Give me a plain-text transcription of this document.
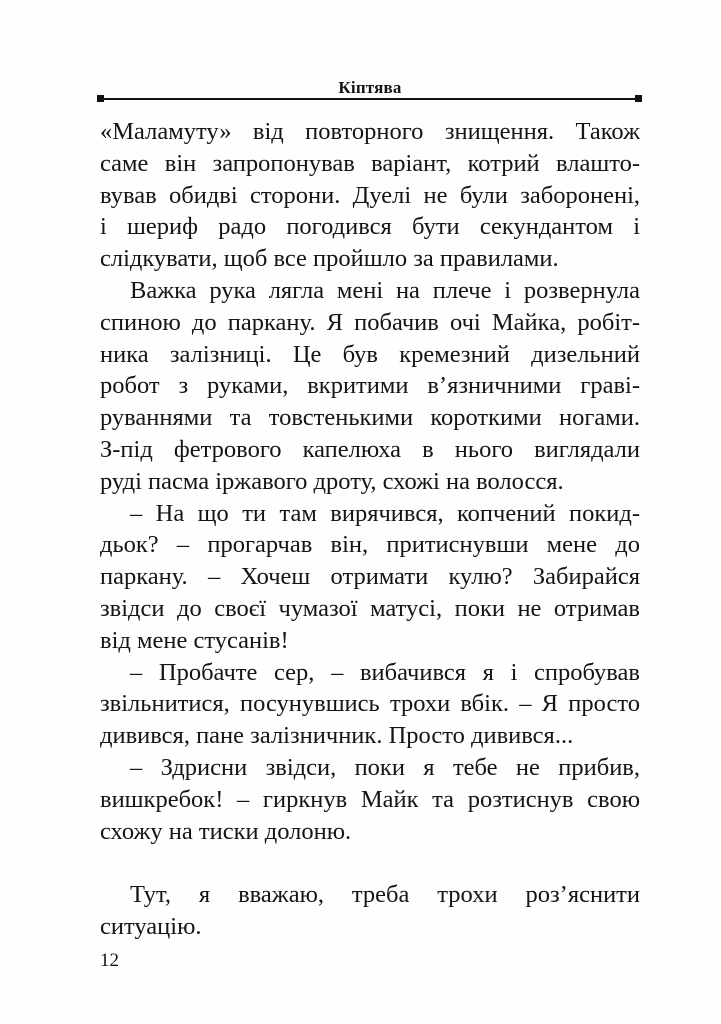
Кіптява
«Маламуту» від повторного знищення. Також
саме він запропонував варіант, котрий влашто-
вував обидві сторони. Дуелі не були заборонені,
і шериф радо погодився бути секундантом і
слідкувати, щоб все пройшло за правилами.
Важка рука лягла мені на плече і розвернула
спиною до паркану. Я побачив очі Майка, робіт-
ника залізниці. Це був кремезний дизельний
робот з руками, вкритими в’язничними граві-
руваннями та товстенькими короткими ногами.
З-під фетрового капелюха в нього виглядали
руді пасма іржавого дроту, схожі на волосся.
– На що ти там вирячився, копчений покид-
дьок? – прогарчав він, притиснувши мене до
паркану. – Хочеш отримати кулю? Забирайся
звідси до своєї чумазої матусі, поки не отримав
від мене стусанів!
– Пробачте сер, – вибачився я і спробував
звільнитися, посунувшись трохи вбік. – Я просто
дивився, пане залізничник. Просто дивився...
– Здрисни звідси, поки я тебе не прибив,
вишкребок! – гиркнув Майк та розтиснув свою
схожу на тиски долоню.
Тут, я вважаю, треба трохи роз’яснити
ситуацію.
12
